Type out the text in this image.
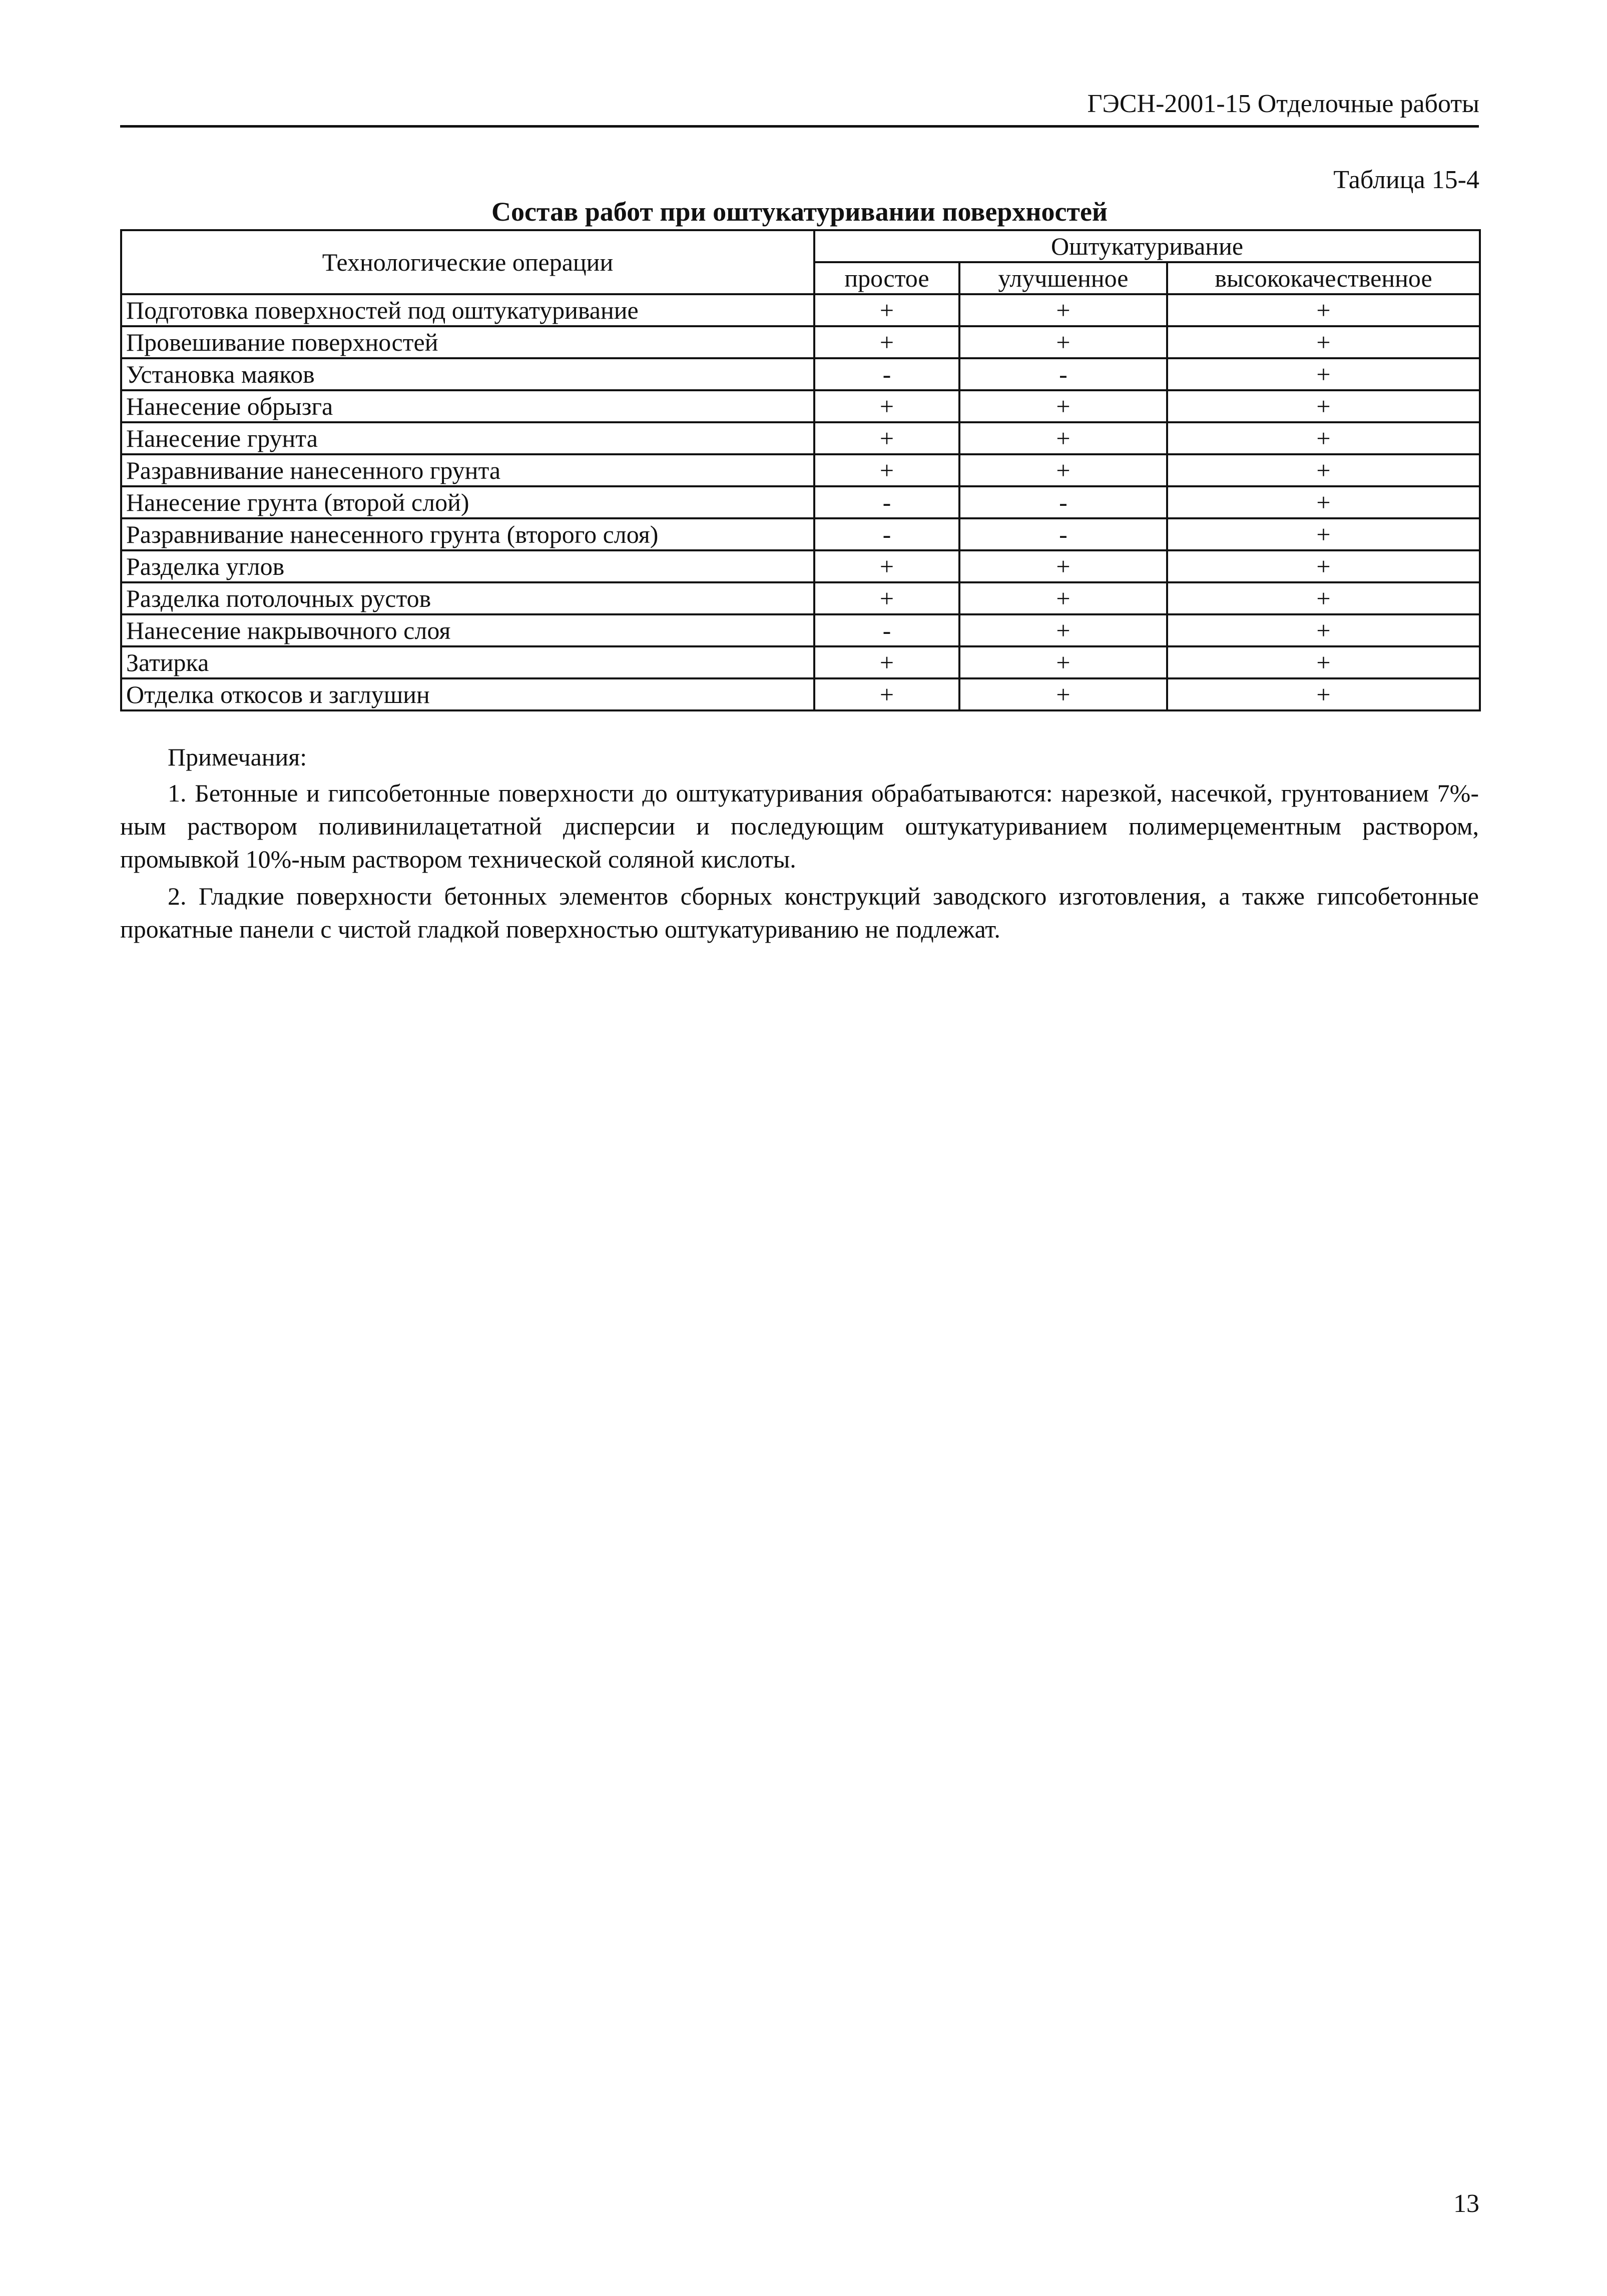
ГЭСН-2001-15 Отделочные работы
Таблица 15-4
Состав работ при оштукатуривании поверхностей
Технологические операции	Оштукатуривание		
	простое	улучшенное	высококачественное
Подготовка поверхностей под оштукатуривание	+	+	+
Провешивание поверхностей	+	+	+
Установка маяков	-	-	+
Нанесение обрызга	+	+	+
Нанесение грунта	+	+	+
Разравнивание нанесенного грунта	+	+	+
Нанесение грунта (второй слой)	-	-	+
Разравнивание нанесенного грунта (второго слоя)	-	-	+
Разделка углов	+	+	+
Разделка потолочных рустов	+	+	+
Нанесение накрывочного слоя	-	+	+
Затирка	+	+	+
Отделка откосов и заглушин	+	+	+
Примечания:

1. Бетонные и гипсобетонные поверхности до оштукатуривания обрабатываются: нарезкой, насечкой, грунтованием 7%-ным раствором поливинилацетатной дисперсии и последующим оштукатуриванием полимерцементным раствором, промывкой 10%-ным раствором технической соляной кислоты.

2. Гладкие поверхности бетонных элементов сборных конструкций заводского изготовления, а также гипсобетонные прокатные панели с чистой гладкой поверхностью оштукатуриванию не подлежат.

13
